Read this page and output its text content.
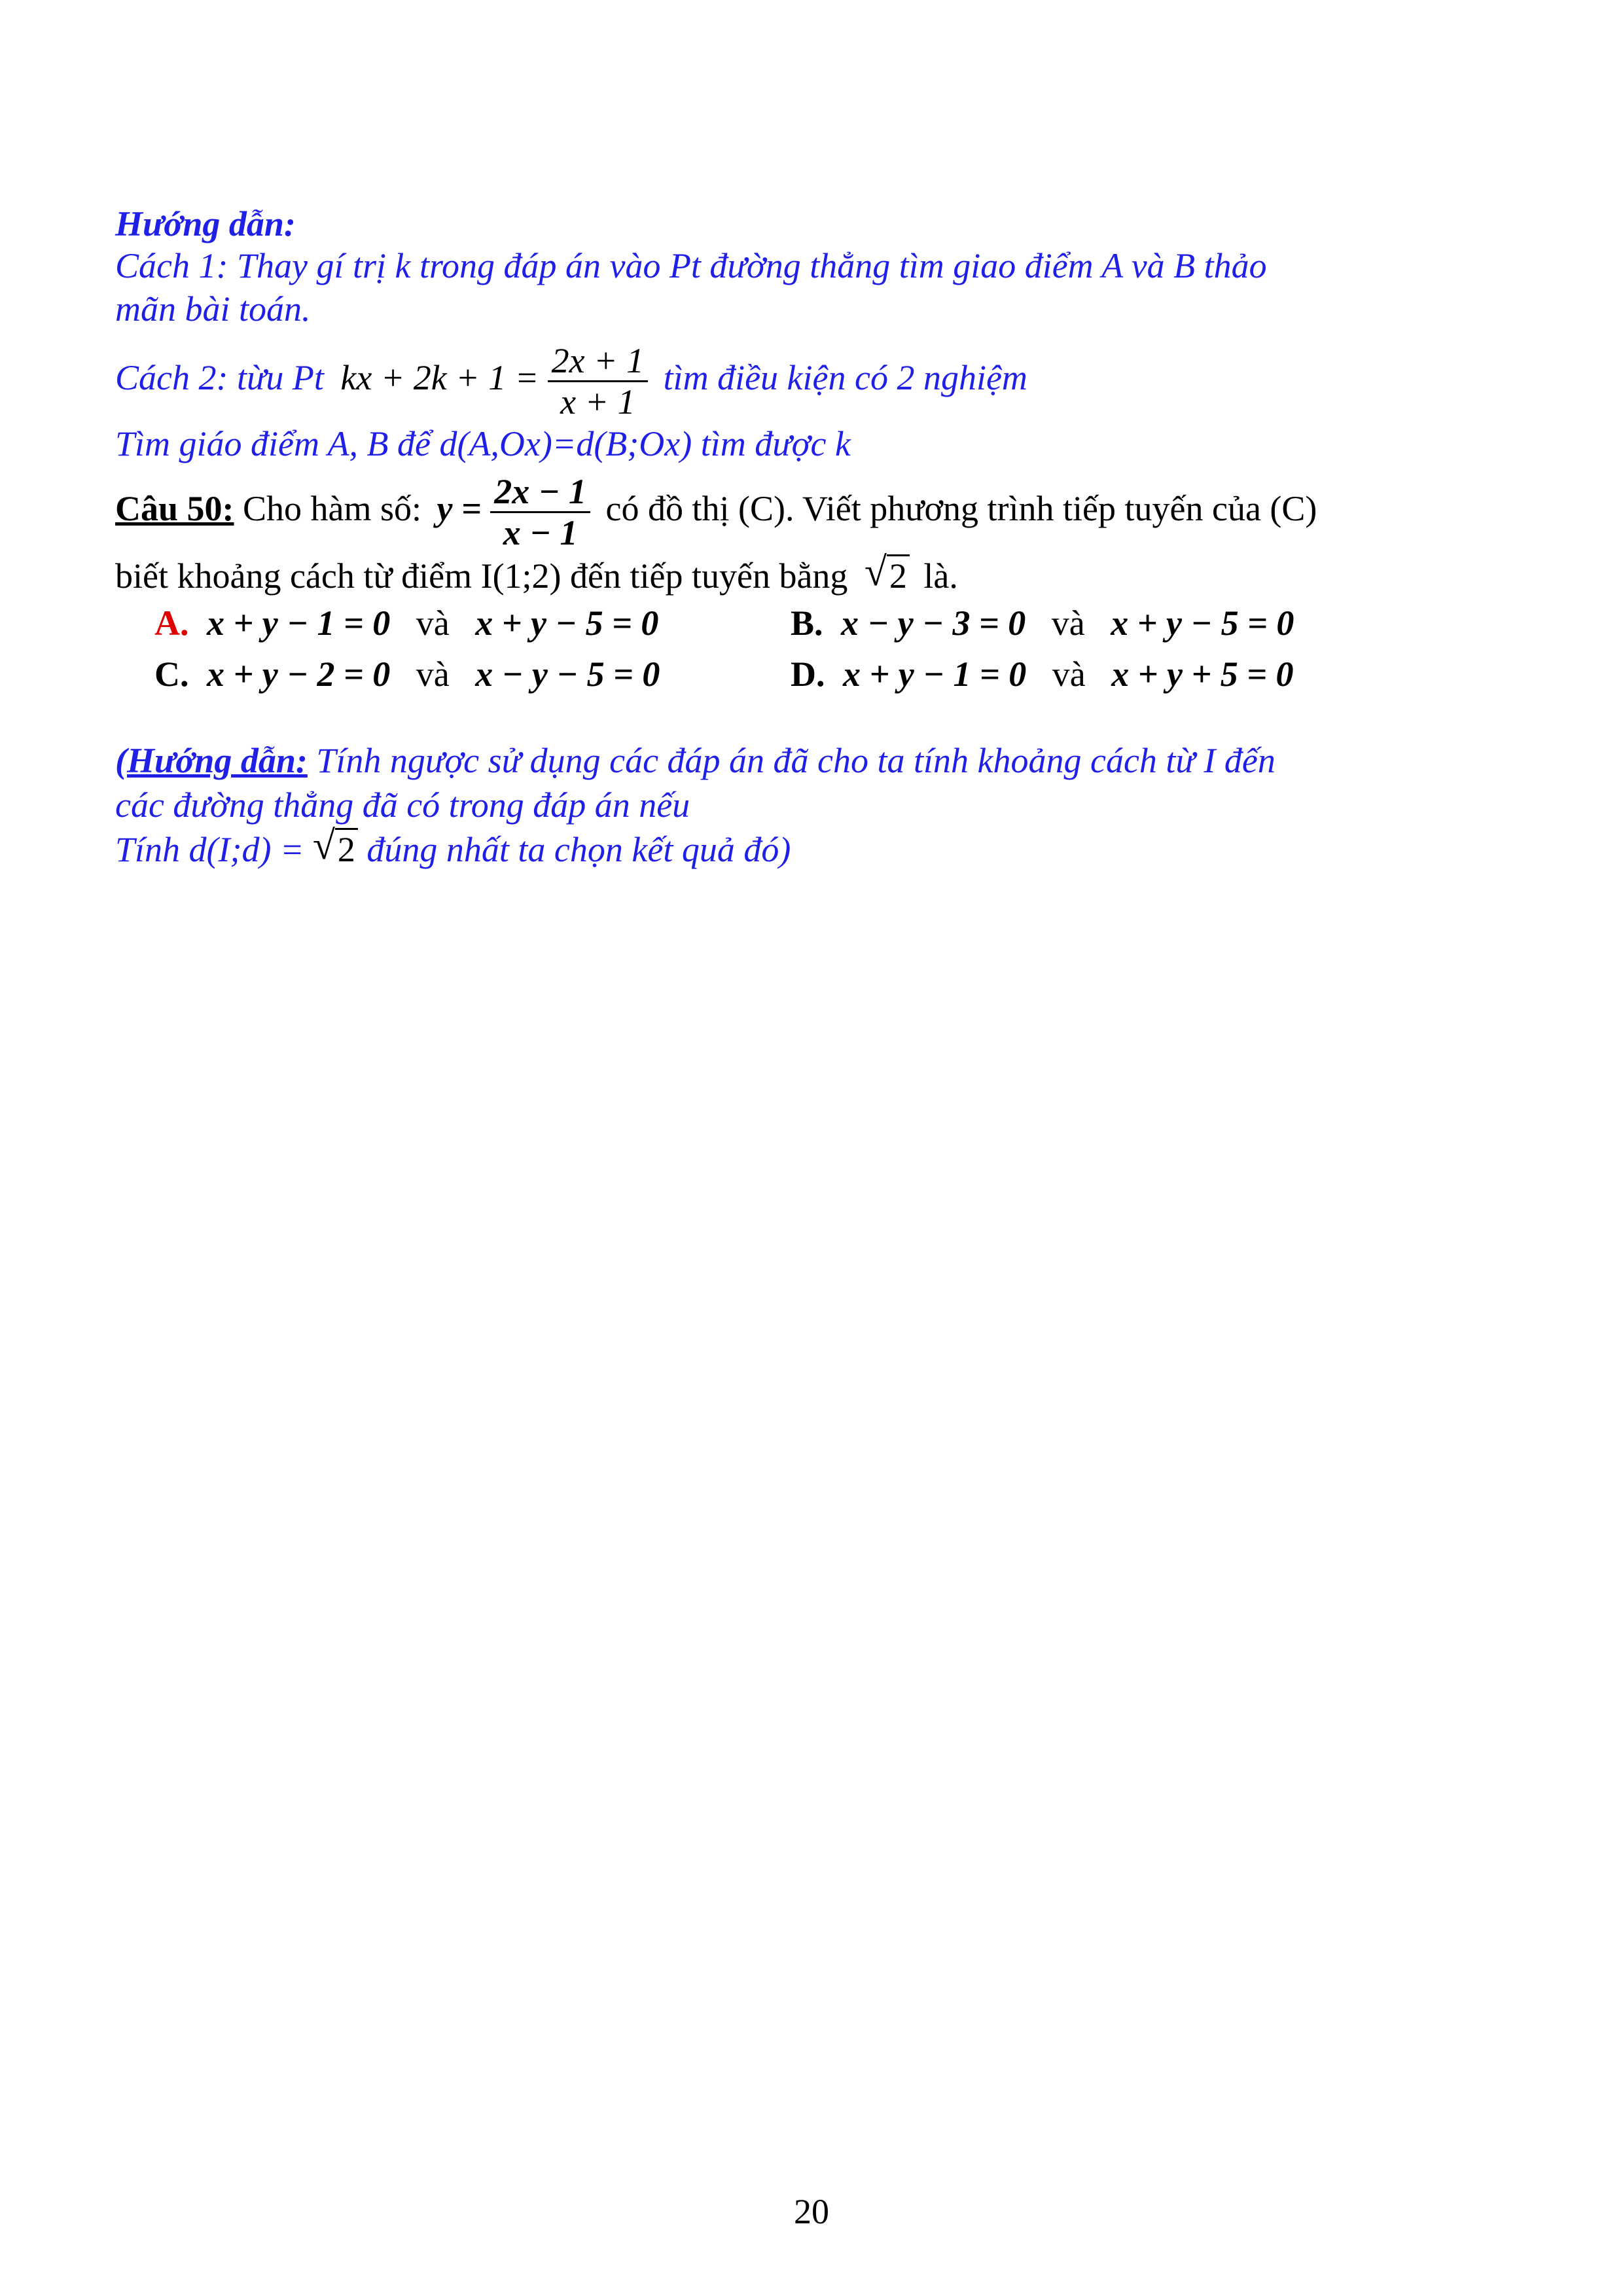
Hướng dẫn:
Cách 1: Thay gí trị k trong đáp án vào Pt đường thẳng tìm giao điểm A và B thảo
mãn bài toán.
Cách 2: từu Pt kx + $2k + 1 = \frac{2x + 1}{x + 1}$ tìm điều kiện có 2 nghiệm
Tìm giáo điểm A, B để d(A,Ox)=d(B;Ox) tìm được k
Câu 50: Cho hàm số: $y = \frac{2x - 1}{x - 1}$ có đồ thị (C). Viết phương trình tiếp tuyến của (C)
biết khoảng cách từ điểm I(1;2) đến tiếp tuyến bằng √ 2 là.
A. x + y − 1 = 0 và x + y − 5 = 0	B. x − y − 3 = 0 và x + y − 5 = 0
C. x + y − 2 = 0 và x − y − 5 = 0	D. x + y − 1 = 0 và x + y + 5 = 0
(Hướng dẫn: Tính ngược sử dụng các đáp án đã cho ta tính khoảng cách từ I đến
các đường thẳng đã có trong đáp án nếu
Tính d(I;d) = √ 2 đúng nhất ta chọn kết quả đó)
20
